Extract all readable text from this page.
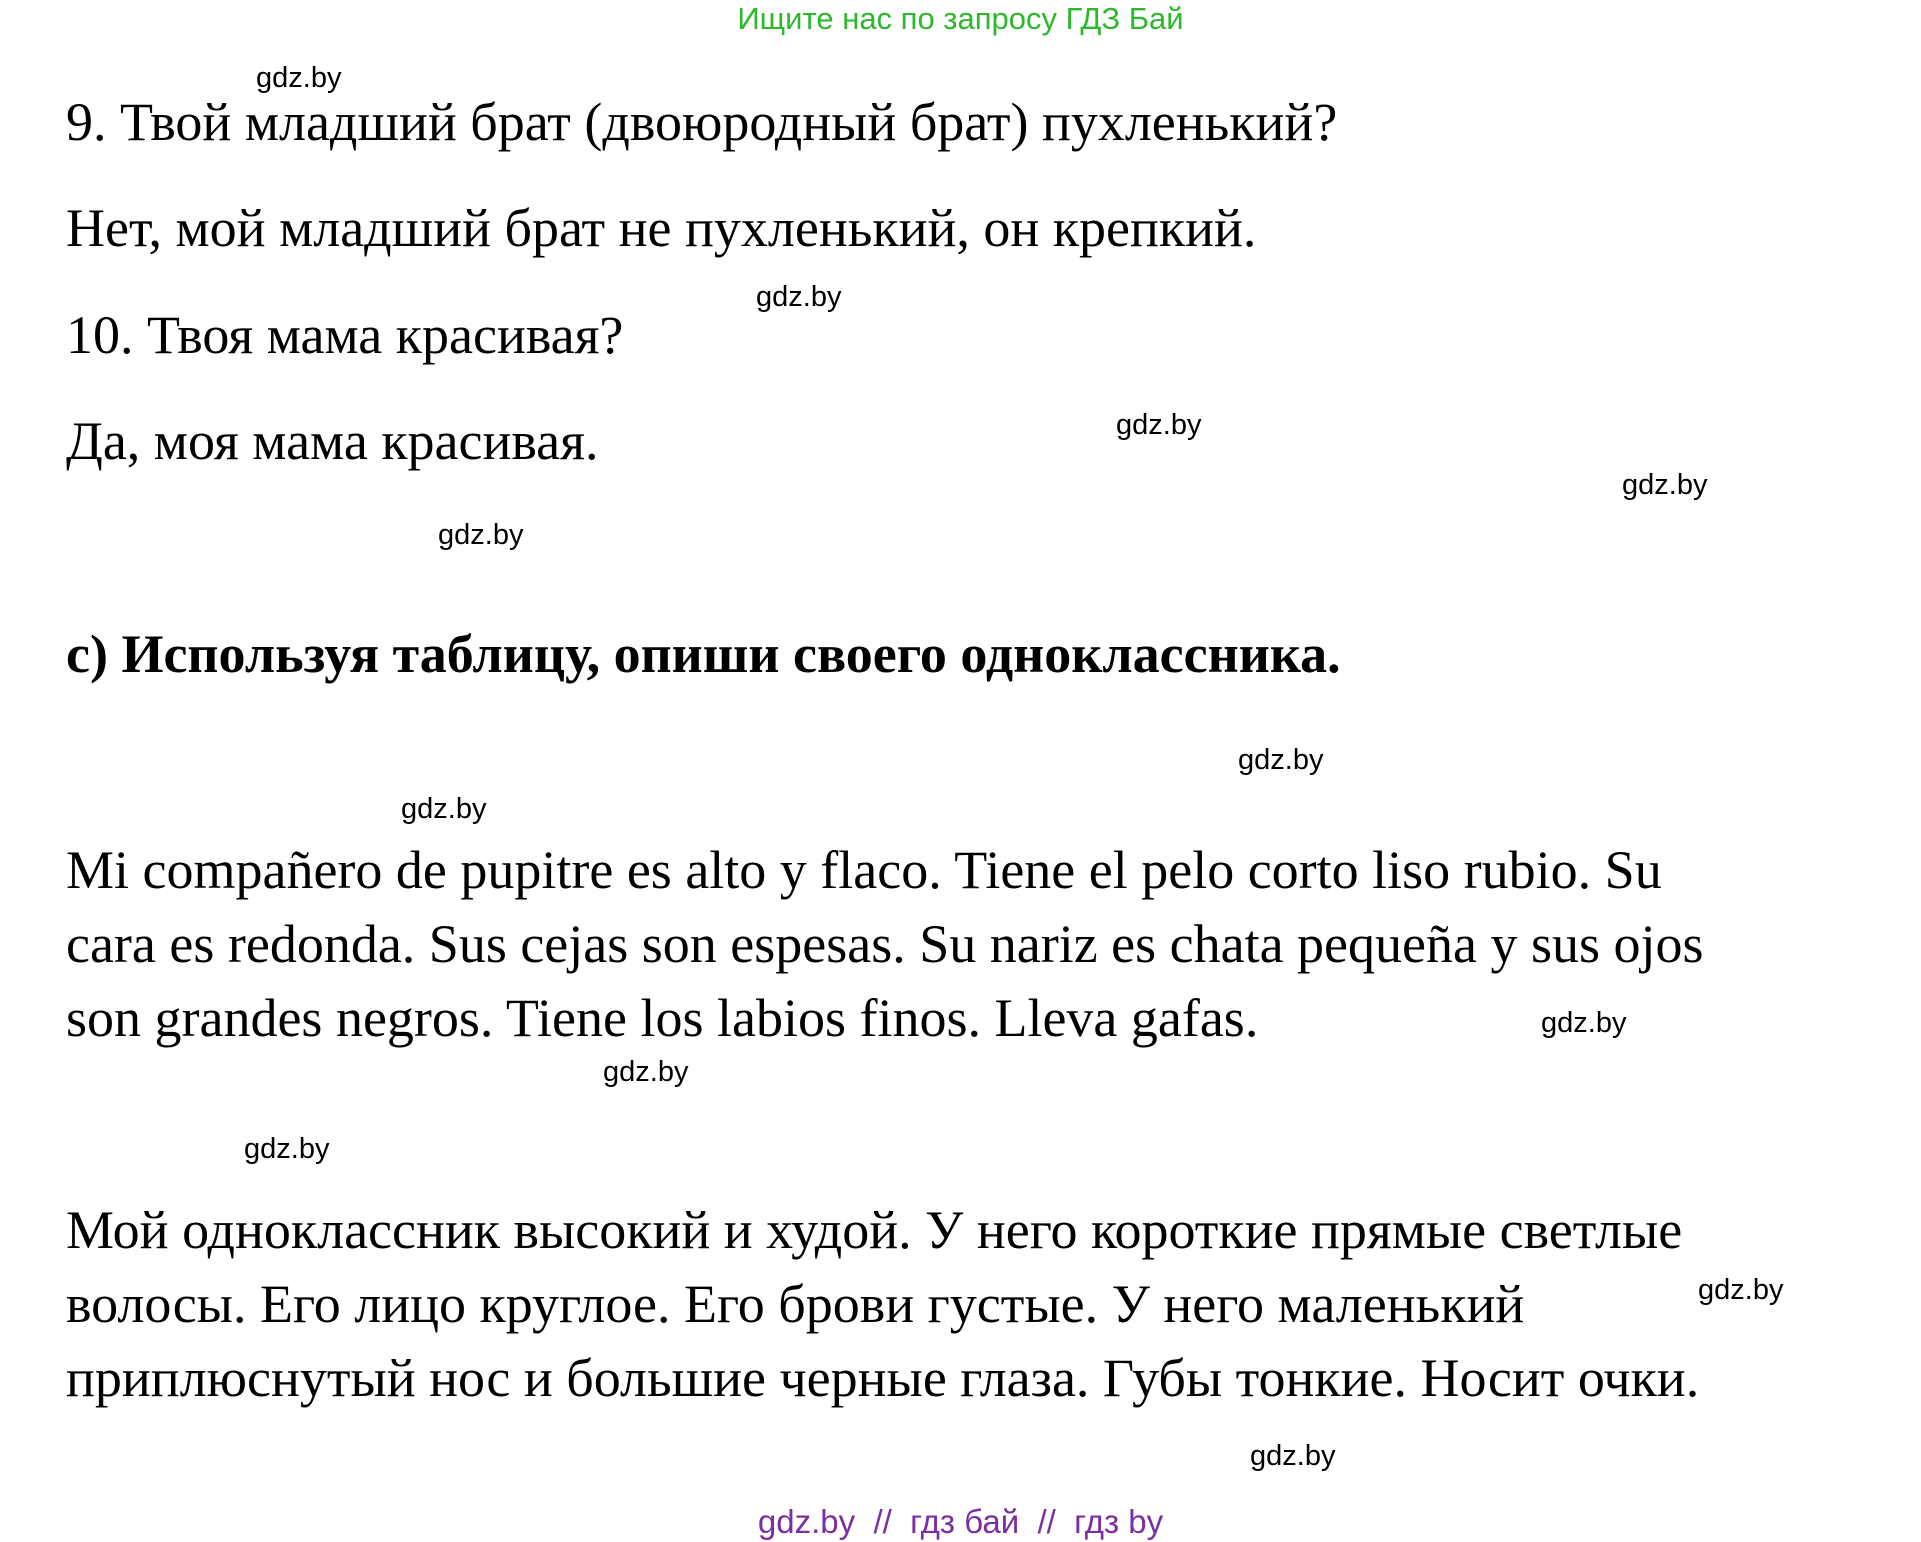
Ищите нас по запросу ГДЗ Бай
9. Твой младший брат (двоюродный брат) пухленький?
Нет, мой младший брат не пухленький, он крепкий.
10. Твоя мама красивая?
Да, моя мама красивая.
c) Используя таблицу, опиши своего одноклассника.
Mi compañero de pupitre es alto y flaco. Tiene el pelo corto liso rubio. Su
cara es redonda. Sus cejas son espesas. Su nariz es chata pequeña y sus ojos
son grandes negros. Tiene los labios finos. Lleva gafas.
Мой одноклассник высокий и худой. У него короткие прямые светлые
волосы. Его лицо круглое. Его брови густые. У него маленький
приплюснутый нос и большие черные глаза. Губы тонкие. Носит очки.
gdz.by
gdz.by
gdz.by
gdz.by
gdz.by
gdz.by
gdz.by
gdz.by
gdz.by
gdz.by
gdz.by
gdz.by
gdz.by  //  гдз бай  //  гдз by
